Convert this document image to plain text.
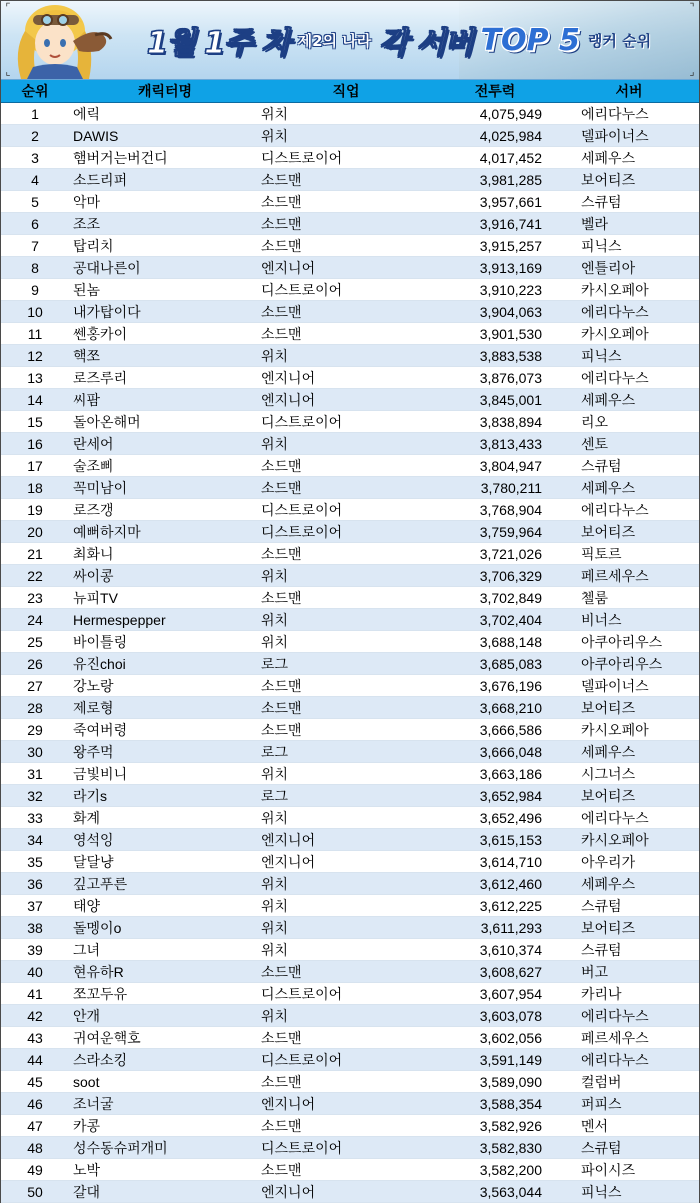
⌜	⌝
⌞	⌟
1월 1주 차 제2의 나라 각 서버 TOP 5 랭커 순위
순위	캐릭터명	직업	전투력	서버
1	에릭	위치	4,075,949	에리다누스
2	DAWIS	위치	4,025,984	델파이너스
3	햄버거는버건디	디스트로이어	4,017,452	세페우스
4	소드리퍼	소드맨	3,981,285	보어티즈
5	악마	소드맨	3,957,661	스큐텀
6	조조	소드맨	3,916,741	벨라
7	탑리치	소드맨	3,915,257	피닉스
8	공대나른이	엔지니어	3,913,169	엔틀리아
9	된놈	디스트로이어	3,910,223	카시오페아
10	내가탑이다	소드맨	3,904,063	에리다누스
11	쎈홍카이	소드맨	3,901,530	카시오페아
12	핵쪼	위치	3,883,538	피닉스
13	로즈루리	엔지니어	3,876,073	에리다누스
14	씨팜	엔지니어	3,845,001	세페우스
15	돌아온해머	디스트로이어	3,838,894	리오
16	란세어	위치	3,813,433	센토
17	술조삐	소드맨	3,804,947	스큐텀
18	꼭미남이	소드맨	3,780,211	세페우스
19	로즈갱	디스트로이어	3,768,904	에리다누스
20	예뻐하지마	디스트로이어	3,759,964	보어티즈
21	최화니	소드맨	3,721,026	픽토르
22	싸이콩	위치	3,706,329	페르세우스
23	뉴피TV	소드맨	3,702,849	첼룸
24	Hermespepper	위치	3,702,404	비너스
25	바이틀링	위치	3,688,148	아쿠아리우스
26	유진choi	로그	3,685,083	아쿠아리우스
27	강노랑	소드맨	3,676,196	델파이너스
28	제로형	소드맨	3,668,210	보어티즈
29	죽여버령	소드맨	3,666,586	카시오페아
30	왕주먹	로그	3,666,048	세페우스
31	금빛비니	위치	3,663,186	시그너스
32	라기s	로그	3,652,984	보어티즈
33	화계	위치	3,652,496	에리다누스
34	영석잉	엔지니어	3,615,153	카시오페아
35	달달냥	엔지니어	3,614,710	아우리가
36	깊고푸른	위치	3,612,460	세페우스
37	태양	위치	3,612,225	스큐텀
38	돌멩이o	위치	3,611,293	보어티즈
39	그녀	위치	3,610,374	스큐텀
40	현유하R	소드맨	3,608,627	버고
41	쪼꼬두유	디스트로이어	3,607,954	카리나
42	안개	위치	3,603,078	에리다누스
43	귀여운핵호	소드맨	3,602,056	페르세우스
44	스라소킹	디스트로이어	3,591,149	에리다누스
45	soot	소드맨	3,589,090	컬럼버
46	조너굴	엔지니어	3,588,354	퍼피스
47	카콩	소드맨	3,582,926	멘서
48	성수동슈퍼개미	디스트로이어	3,582,830	스큐텀
49	노박	소드맨	3,582,200	파이시즈
50	갈대	엔지니어	3,563,044	피닉스
